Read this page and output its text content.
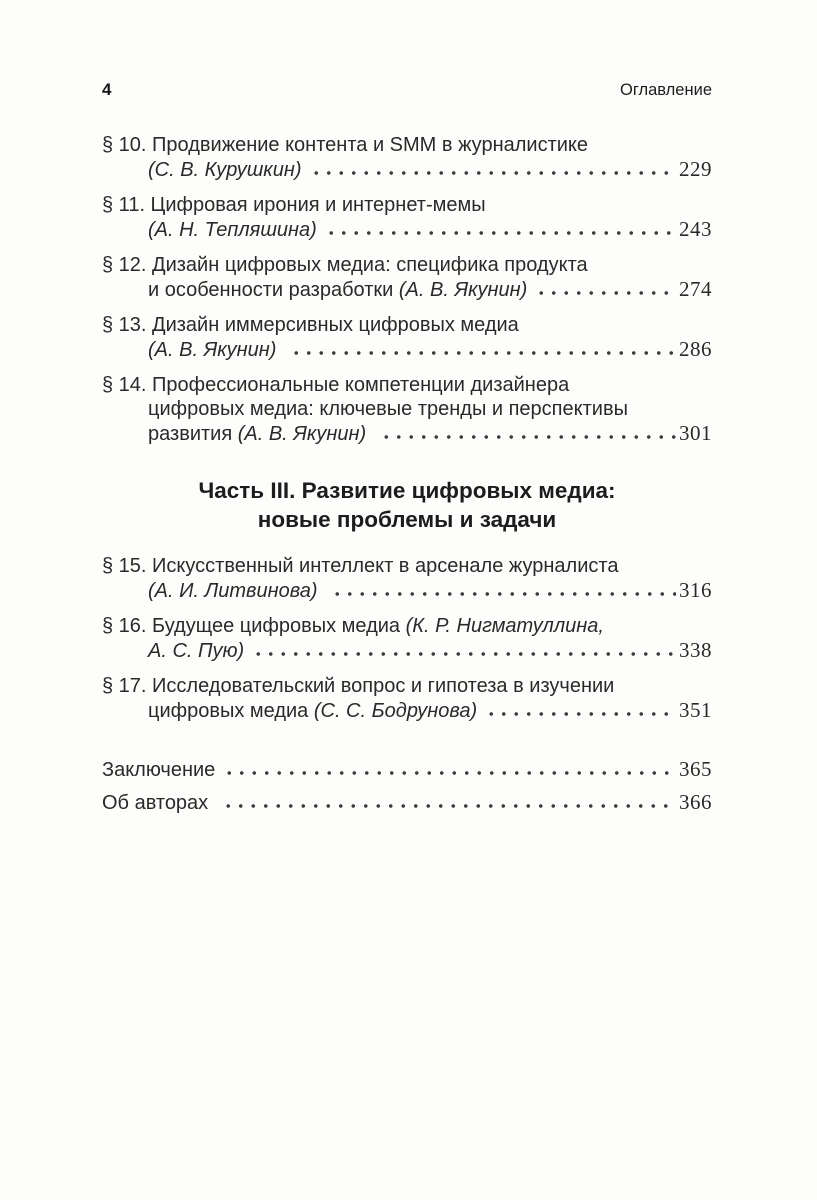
4	Оглавление
§ 10. Продвижение контента и SMM в журналистике
(С. В. Курушкин)	229
§ 11. Цифровая ирония и интернет-мемы
(А. Н. Тепляшина)	243
§ 12. Дизайн цифровых медиа: специфика продукта
и особенности разработки (А. В. Якунин)	274
§ 13. Дизайн иммерсивных цифровых медиа
(А. В. Якунин)	286
§ 14. Профессиональные компетенции дизайнера
цифровых медиа: ключевые тренды и перспективы
развития (А. В. Якунин)	301
Часть III. Развитие цифровых медиа:
новые проблемы и задачи
§ 15. Искусственный интеллект в арсенале журналиста
(А. И. Литвинова)	316
§ 16. Будущее цифровых медиа (К. Р. Нигматуллина,
А. С. Пую)	338
§ 17. Исследовательский вопрос и гипотеза в изучении
цифровых медиа (С. С. Бодрунова)	351
Заключение	365
Об авторах	366
